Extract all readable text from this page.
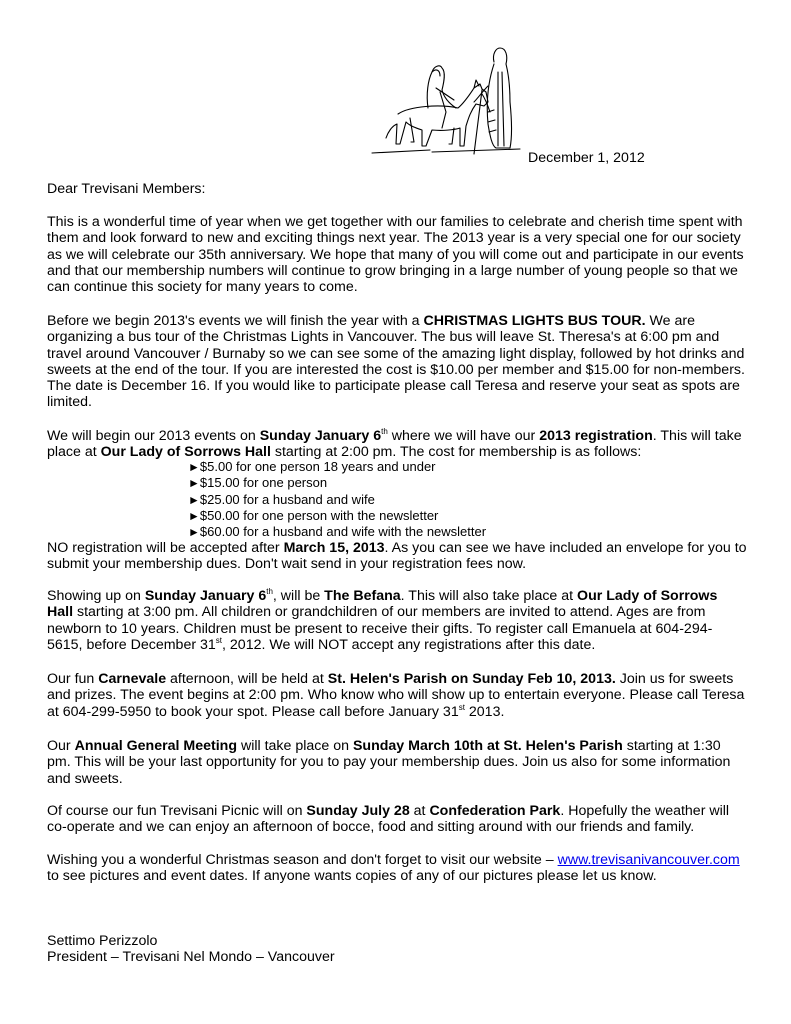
December 1, 2012
Dear Trevisani Members:

This is a wonderful time of year when we get together with our families to celebrate and cherish time spent with them and look forward to new and exciting things next year. The 2013 year is a very special one for our society as we will celebrate our 35th anniversary. We hope that many of you will come out and participate in our events and that our membership numbers will continue to grow bringing in a large number of young people so that we can continue this society for many years to come.

Before we begin 2013's events we will finish the year with a CHRISTMAS LIGHTS BUS TOUR. We are organizing a bus tour of the Christmas Lights in Vancouver. The bus will leave St. Theresa's at 6:00 pm and travel around Vancouver / Burnaby so we can see some of the amazing light display, followed by hot drinks and sweets at the end of the tour. If you are interested the cost is $10.00 per member and $15.00 for non-members. The date is December 16. If you would like to participate please call Teresa and reserve your seat as spots are limited.

We will begin our 2013 events on Sunday January 6th where we will have our 2013 registration. This will take place at Our Lady of Sorrows Hall starting at 2:00 pm. The cost for membership is as follows:

►$5.00 for one person 18 years and under
►$15.00 for one person
►$25.00 for a husband and wife
►$50.00 for one person with the newsletter
►$60.00 for a husband and wife with the newsletter

NO registration will be accepted after March 15, 2013. As you can see we have included an envelope for you to submit your membership dues. Don't wait send in your registration fees now.

Showing up on Sunday January 6th, will be The Befana. This will also take place at Our Lady of Sorrows Hall starting at 3:00 pm. All children or grandchildren of our members are invited to attend. Ages are from newborn to 10 years. Children must be present to receive their gifts. To register call Emanuela at 604-294-5615, before December 31st, 2012. We will NOT accept any registrations after this date.

Our fun Carnevale afternoon, will be held at St. Helen's Parish on Sunday Feb 10, 2013. Join us for sweets and prizes. The event begins at 2:00 pm. Who know who will show up to entertain everyone. Please call Teresa at 604-299-5950 to book your spot. Please call before January 31st 2013.

Our Annual General Meeting will take place on Sunday March 10th at St. Helen's Parish starting at 1:30 pm. This will be your last opportunity for you to pay your membership dues. Join us also for some information and sweets.

Of course our fun Trevisani Picnic will on Sunday July 28 at Confederation Park. Hopefully the weather will co-operate and we can enjoy an afternoon of bocce, food and sitting around with our friends and family.

Wishing you a wonderful Christmas season and don't forget to visit our website – www.trevisanivancouver.com to see pictures and event dates. If anyone wants copies of any of our pictures please let us know.

Settimo Perizzolo
President – Trevisani Nel Mondo – Vancouver
